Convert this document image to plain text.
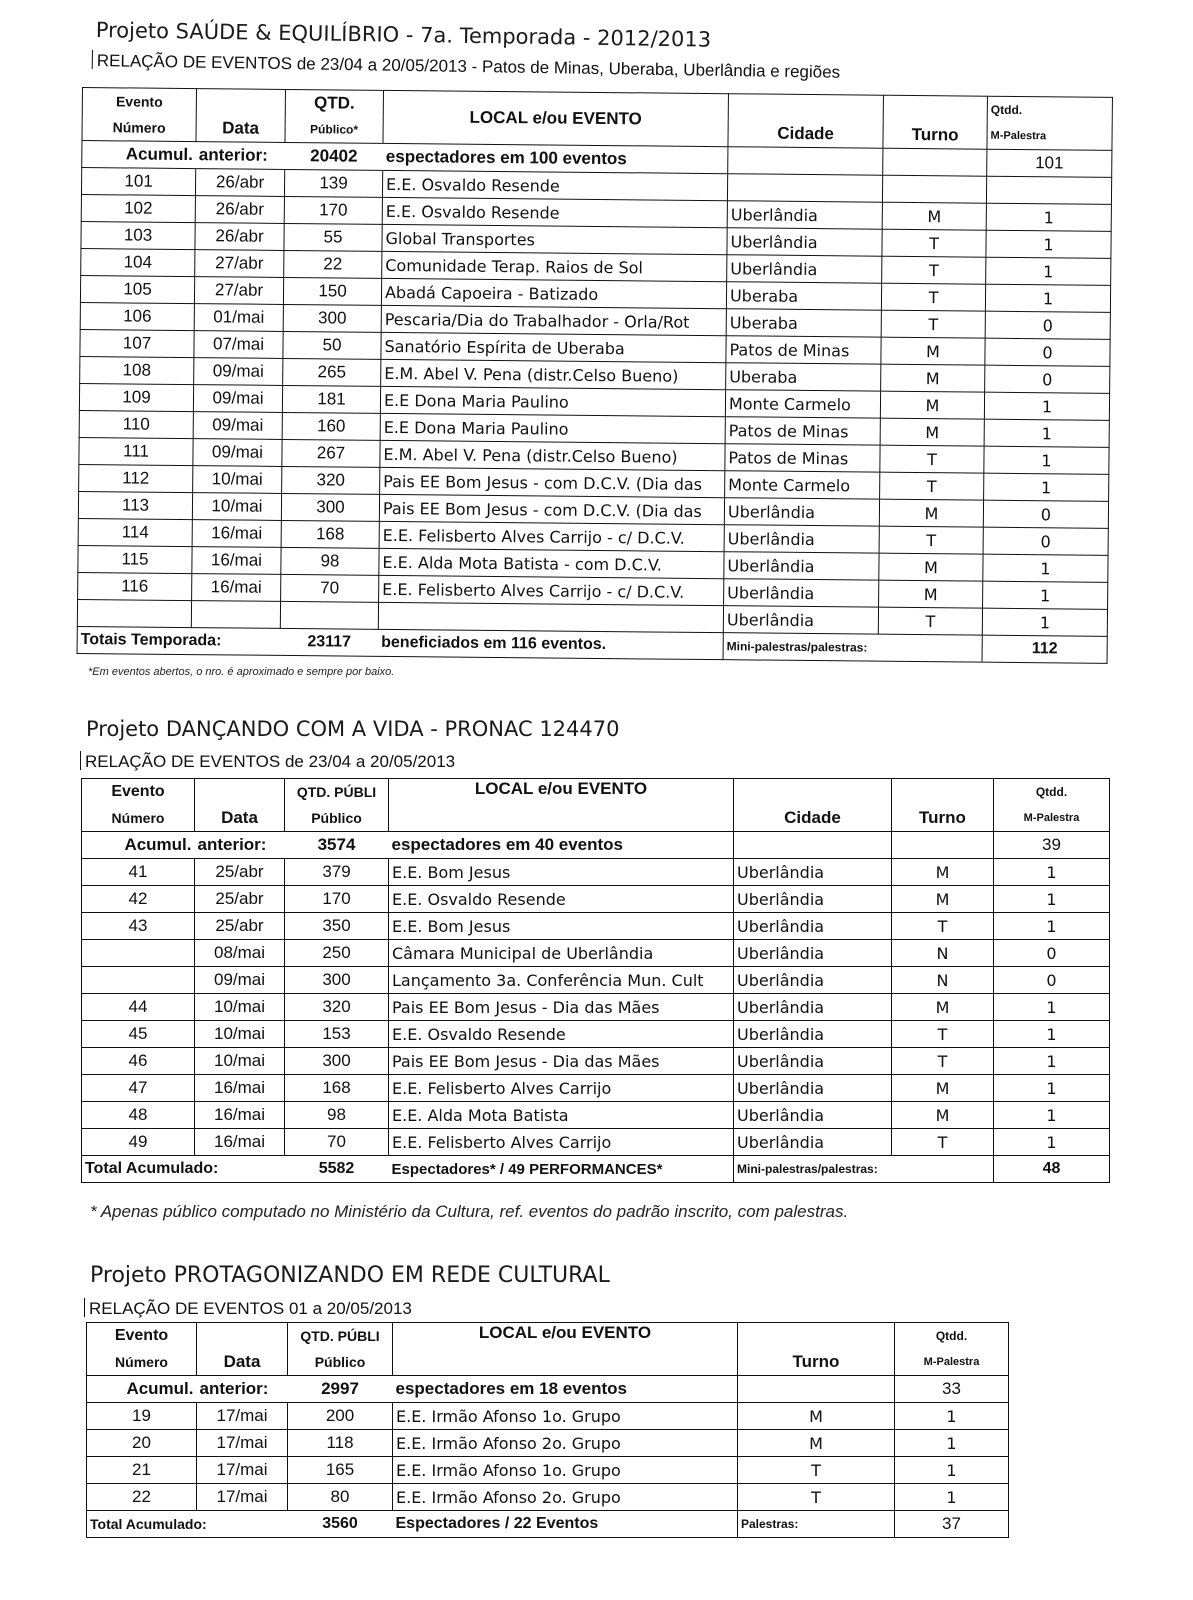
Projeto SAÚDE & EQUILÍBRIO - 7a. Temporada - 2012/2013
RELAÇÃO DE EVENTOS de 23/04 a 20/05/2013 - Patos de Minas, Uberaba, Uberlândia e regiões
Evento		QTD.	LOCAL e/ou EVENTO			Qtdd.
Número	Data	Público*		Cidade	Turno	M-Palestra
Acumul.	anterior:	20402	espectadores em 100 eventos			101
101	26/abr	139	E.E. Osvaldo Resende			
102	26/abr	170	E.E. Osvaldo Resende	Uberlândia	M	1
103	26/abr	55	Global Transportes	Uberlândia	T	1
104	27/abr	22	Comunidade Terap. Raios de Sol	Uberlândia	T	1
105	27/abr	150	Abadá Capoeira - Batizado	Uberaba	T	1
106	01/mai	300	Pescaria/Dia do Trabalhador - Orla/Rot	Uberaba	T	0
107	07/mai	50	Sanatório Espírita de Uberaba	Patos de Minas	M	0
108	09/mai	265	E.M. Abel V. Pena (distr.Celso Bueno)	Uberaba	M	0
109	09/mai	181	E.E Dona Maria Paulino	Monte Carmelo	M	1
110	09/mai	160	E.E Dona Maria Paulino	Patos de Minas	M	1
111	09/mai	267	E.M. Abel V. Pena (distr.Celso Bueno)	Patos de Minas	T	1
112	10/mai	320	Pais EE Bom Jesus - com D.C.V. (Dia das	Monte Carmelo	T	1
113	10/mai	300	Pais EE Bom Jesus - com D.C.V. (Dia das	Uberlândia	M	0
114	16/mai	168	E.E. Felisberto Alves Carrijo - c/ D.C.V.	Uberlândia	T	0
115	16/mai	98	E.E. Alda Mota Batista - com D.C.V.	Uberlândia	M	1
116	16/mai	70	E.E. Felisberto Alves Carrijo - c/ D.C.V.	Uberlândia	M	1
				Uberlândia	T	1
Totais Temporada:		23117	beneficiados em 116 eventos.	Mini-palestras/palestras:		112
*Em eventos abertos, o nro. é aproximado e sempre por baixo.
Projeto DANÇANDO COM A VIDA - PRONAC 124470
RELAÇÃO DE EVENTOS de 23/04 a 20/05/2013
Evento		QTD. PÚBLI	LOCAL e/ou EVENTO			Qtdd.
Número	Data	Público		Cidade	Turno	M-Palestra
Acumul.	anterior:	3574	espectadores em 40 eventos			39
41	25/abr	379	E.E. Bom Jesus	Uberlândia	M	1
42	25/abr	170	E.E. Osvaldo Resende	Uberlândia	M	1
43	25/abr	350	E.E. Bom Jesus	Uberlândia	T	1
	08/mai	250	Câmara Municipal de Uberlândia	Uberlândia	N	0
	09/mai	300	Lançamento 3a. Conferência Mun. Cult	Uberlândia	N	0
44	10/mai	320	Pais EE Bom Jesus - Dia das Mães	Uberlândia	M	1
45	10/mai	153	E.E. Osvaldo Resende	Uberlândia	T	1
46	10/mai	300	Pais EE Bom Jesus - Dia das Mães	Uberlândia	T	1
47	16/mai	168	E.E. Felisberto Alves Carrijo	Uberlândia	M	1
48	16/mai	98	E.E. Alda Mota Batista	Uberlândia	M	1
49	16/mai	70	E.E. Felisberto Alves Carrijo	Uberlândia	T	1
Total Acumulado:		5582	Espectadores* / 49 PERFORMANCES*	Mini-palestras/palestras:		48
* Apenas público computado no Ministério da Cultura, ref. eventos do padrão inscrito, com palestras.
Projeto PROTAGONIZANDO EM REDE CULTURAL
RELAÇÃO DE EVENTOS 01 a 20/05/2013
Evento		QTD. PÚBLI	LOCAL e/ou EVENTO		Qtdd.
Número	Data	Público		Turno	M-Palestra
Acumul.	anterior:	2997	espectadores em 18 eventos		33
19	17/mai	200	E.E. Irmão Afonso 1o. Grupo	M	1
20	17/mai	118	E.E. Irmão Afonso 2o. Grupo	M	1
21	17/mai	165	E.E. Irmão Afonso 1o. Grupo	T	1
22	17/mai	80	E.E. Irmão Afonso 2o. Grupo	T	1
Total Acumulado:		3560	Espectadores / 22 Eventos	Palestras:	37
